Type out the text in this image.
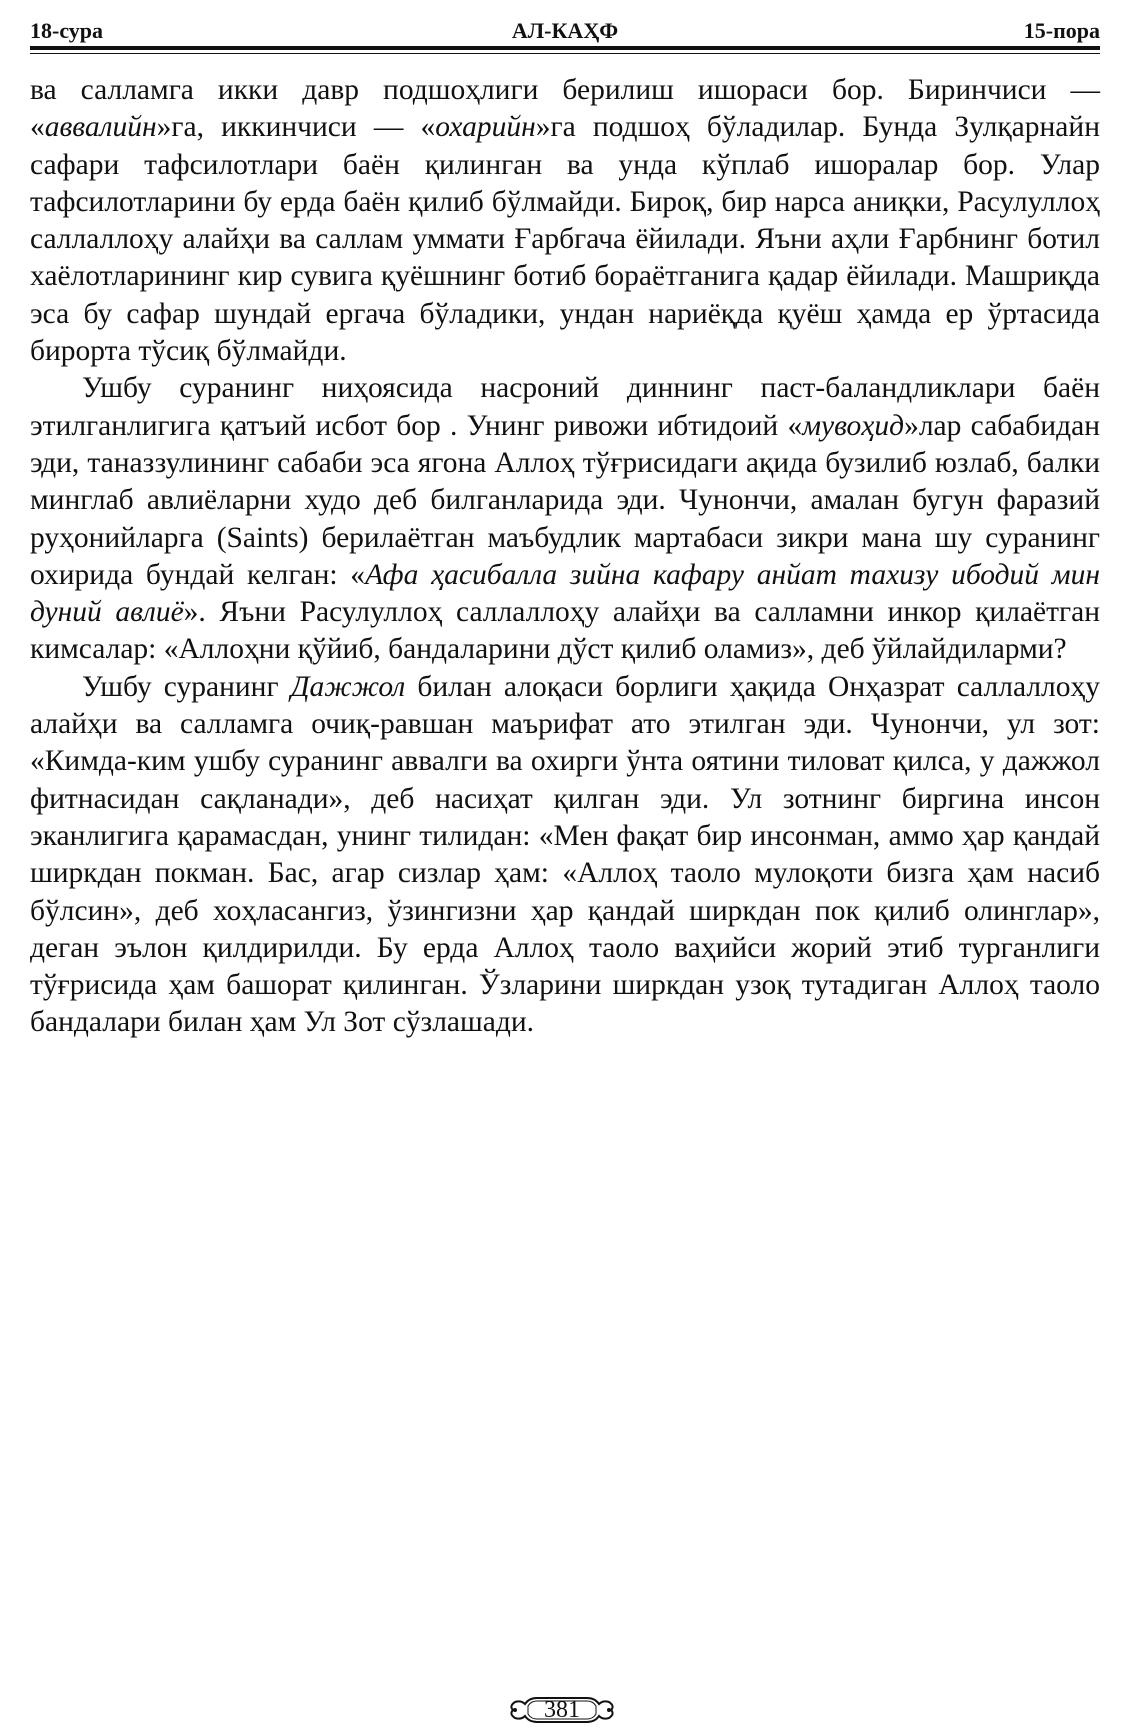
18-сура	АЛ-КАҲФ	15-пора

ва салламга икки давр подшоҳлиги берилиш ишораси бор. Биринчиси — «аввалийн»га, иккинчиси — «охарийн»га подшоҳ бўладилар. Бунда Зулқарнайн сафари тафсилотлари баён қилинган ва унда кўплаб ишоралар бор. Улар тафсилотларини бу ерда баён қилиб бўлмайди. Бироқ, бир нарса аниқки, Расулуллоҳ саллаллоҳу алайҳи ва саллам уммати Ғарбгача ёйилади. Яъни аҳли Ғарбнинг ботил хаёлотларининг кир сувига қуёшнинг ботиб бораётганига қадар ёйилади. Машриқда эса бу сафар шундай ергача бўладики, ундан нариёқда қуёш ҳамда ер ўртасида бирорта тўсиқ бўлмайди.

Ушбу суранинг ниҳоясида насроний диннинг паст-баландликлари баён этилганлигига қатъий исбот бор . Унинг ривожи ибтидоий «мувоҳид»лар сабабидан эди, таназзулининг сабаби эса ягона Аллоҳ тўғрисидаги ақида бузилиб юзлаб, балки минглаб авлиёларни худо деб билганларида эди. Чунончи, амалан бугун фаразий руҳонийларга (Saints) берилаётган маъбудлик мартабаси зикри мана шу суранинг охирида бундай келган: «Афа ҳасибалла зийна кафару анйат тахизу ибодий мин дуний авлиё». Яъни Расулуллоҳ саллаллоҳу алайҳи ва салламни инкор қилаётган кимсалар: «Аллоҳни қўйиб, бандаларини дўст қилиб оламиз», деб ўйлайдиларми?

Ушбу суранинг Дажжол билан алоқаси борлиги ҳақида Онҳазрат саллаллоҳу алайҳи ва салламга очиқ-равшан маърифат ато этилган эди. Чунончи, ул зот: «Кимда-ким ушбу суранинг аввалги ва охирги ўнта оятини тиловат қилса, у дажжол фитнасидан сақланади», деб насиҳат қилган эди. Ул зотнинг биргина инсон эканлигига қарамасдан, унинг тилидан: «Мен фақат бир инсонман, аммо ҳар қандай ширкдан покман. Бас, агар сизлар ҳам: «Аллоҳ таоло мулоқоти бизга ҳам насиб бўлсин», деб хоҳласангиз, ўзингизни ҳар қандай ширкдан пок қилиб олинглар», деган эълон қилдирилди. Бу ерда Аллоҳ таоло ваҳийси жорий этиб турганлиги тўғрисида ҳам башорат қилинган. Ўзларини ширкдан узоқ тутадиган Аллоҳ таоло бандалари билан ҳам Ул Зот сўзлашади.

381
